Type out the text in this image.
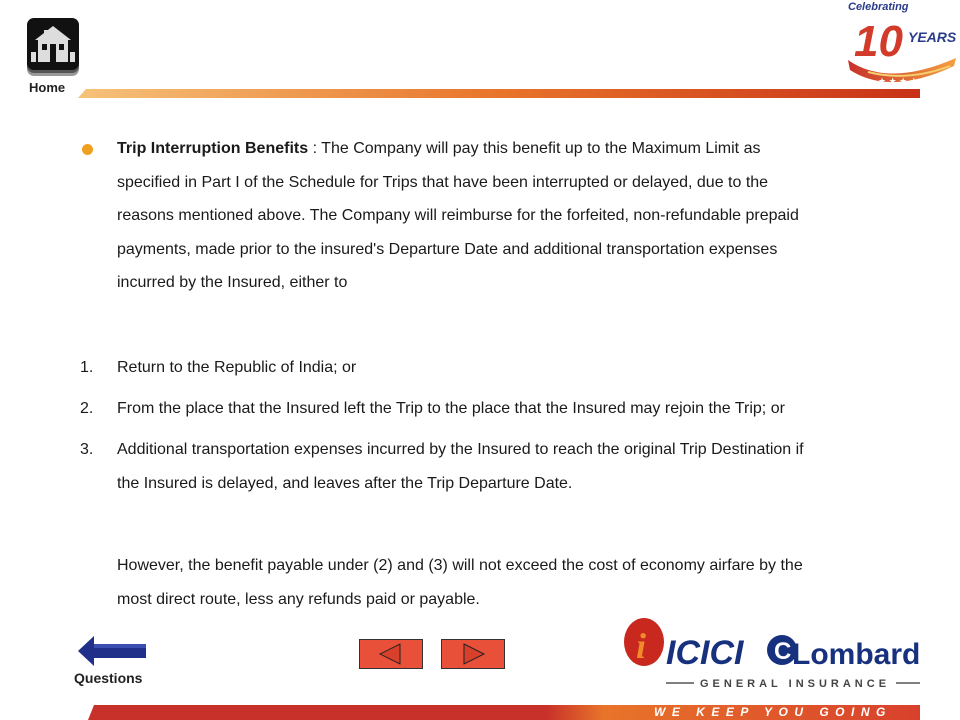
Home
Celebrating
10 YEARS
★ ★ ★ ★
Trip Interruption Benefits : The Company will pay this benefit up to the Maximum Limit as
specified in Part I of the Schedule for Trips that have been interrupted or delayed, due to the
reasons mentioned above. The Company will reimburse for the forfeited, non-refundable prepaid
payments, made prior to the insured's Departure Date and additional transportation expenses
incurred by the Insured, either to
1. Return to the Republic of India; or
2. From the place that the Insured left the Trip to the place that the Insured may rejoin the Trip; or
3. Additional transportation expenses incurred by the Insured to reach the original Trip Destination if
the Insured is delayed, and leaves after the Trip Departure Date.
However, the benefit payable under (2) and (3) will not exceed the cost of economy airfare by the
most direct route, less any refunds paid or payable.
Questions
i ICICI C Lombard
GENERAL INSURANCE
WE KEEP YOU GOING
